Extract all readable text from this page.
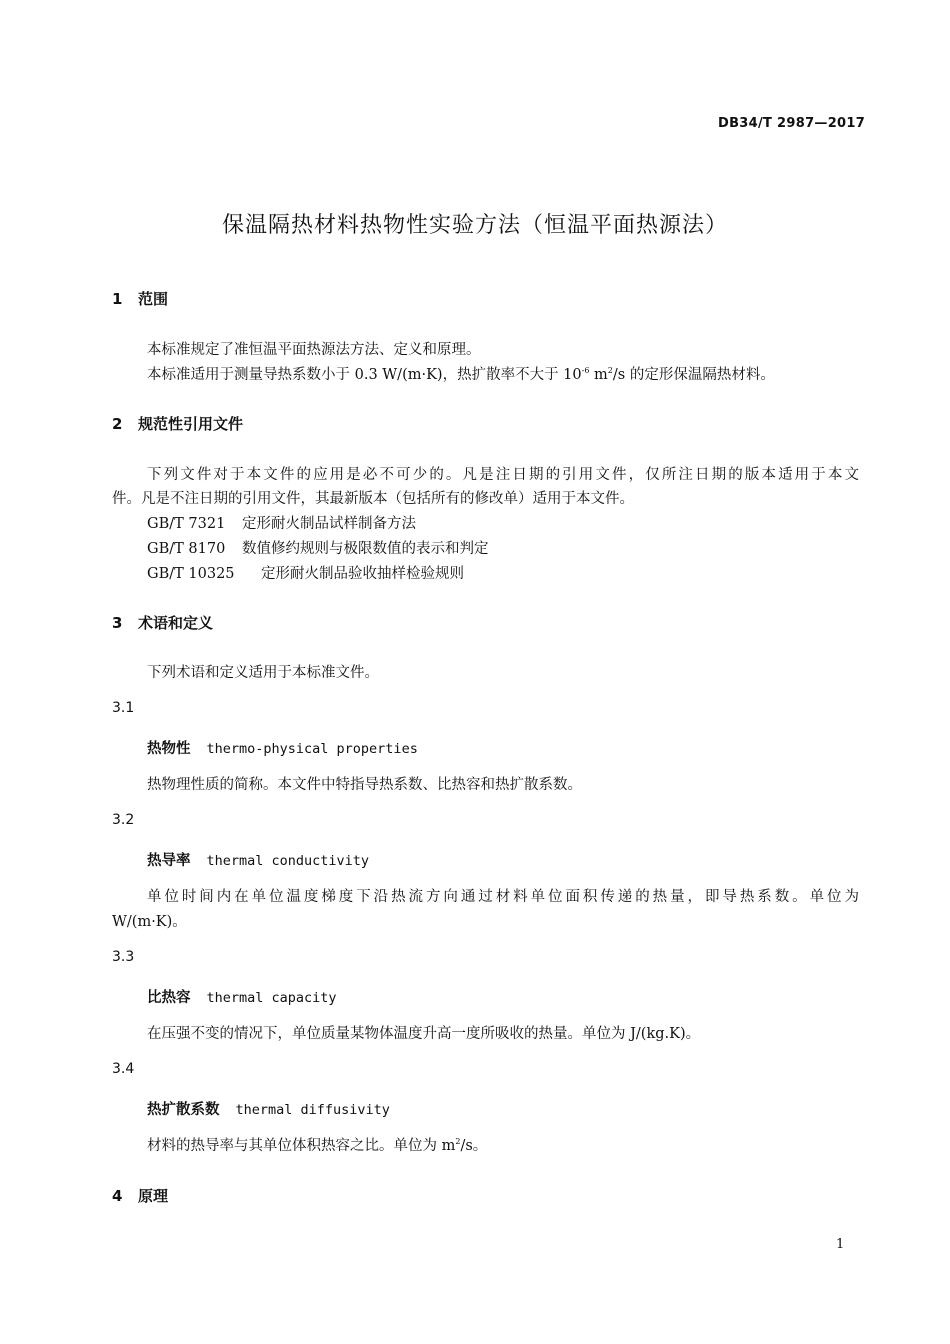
DB34/T 2987—2017
保温隔热材料热物性实验方法（恒温平面热源法）
1 范围
本标准规定了准恒温平面热源法方法、定义和原理。
本标准适用于测量导热系数小于 0.3 W/(m·K)，热扩散率不大于 $10^{-6}$ $m^2/s$ 的定形保温隔热材料。
2 规范性引用文件
下列文件对于本文件的应用是必不可少的。凡是注日期的引用文件，仅所注日期的版本适用于本文
件。凡是不注日期的引用文件，其最新版本（包括所有的修改单）适用于本文件。
GB/T 7321 定形耐火制品试样制备方法
GB/T 8170 数值修约规则与极限数值的表示和判定
GB/T 10325 定形耐火制品验收抽样检验规则
3 术语和定义
下列术语和定义适用于本标准文件。
3.1
热物性 thermo-physical properties
热物理性质的简称。本文件中特指导热系数、比热容和热扩散系数。
3.2
热导率 thermal conductivity
单位时间内在单位温度梯度下沿热流方向通过材料单位面积传递的热量，即导热系数。单位为
W/(m·K)。
3.3
比热容 thermal capacity
在压强不变的情况下，单位质量某物体温度升高一度所吸收的热量。单位为 J/(kg.K)。
3.4
热扩散系数 thermal diffusivity
材料的热导率与其单位体积热容之比。单位为 $m^2/s$。
4 原理
1
